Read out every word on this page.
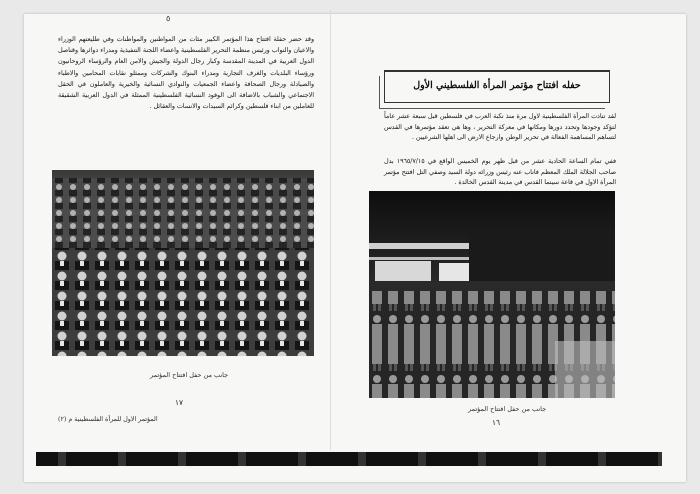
٥
وقد حضر حفلة افتتاح هذا المؤتمر الكبير مئات من المواطنين والمواطنات وفي طليعتهم الوزراء والاعيان والنواب ورئيس منظمة التحرير الفلسطينية واعضاء اللجنة التنفيذية ومدراء دوائرها وقناصل الدول العربية في المدينة المقدسة وكبار رجال الدولة والجيش والامن العام والرؤساء الروحانيون ورؤساء البلديات والغرف التجارية ومدراء البنوك والشركات وممثلو نقابات المحامين والاطباء والصيادلة ورجال الصحافة واعضاء الجمعيات والنوادي النسائية والخيرية والعاملون في الحقل الاجتماعي والشباب بالاضافة الى الوفود النسائية الفلسطينية الممثلة في الدول العربية الشقيقة للعاملين من ابناء فلسطين وكرائم السيدات والانسات والعقائل .
جانب من حفل افتتاح المؤتمر
١٧
المؤتمر الاول للمرأة الفلسطينية م (٢)
حفله افتتاح مؤتمر المرأة الفلسطيني الأول
لقد تنادت المرأة الفلسطينية لاول مرة منذ نكبة العرب في فلسطين قبل سبعة عشر عاماً لتؤكد وجودها وتحدد دورها ومكانها في معركة التحرير ، وها هي تعقد مؤتمرها في القدس لتساهم المساهمة الفعالة في تحرير الوطن وارجاع الارض الى اهلها الشرعيين .
ففي تمام الساعة الحادية عشر من قبل ظهر يوم الخميس الواقع في ١٩٦٥/٧/١٥ بدل صاحب الجلالة الملك المعظم فاناب عنه رئيس وزرائه دولة السيد وصفي التل افتتح مؤتمر المرأة الاول في قاعة سينما القدس في مدينة القدس الخالدة .
جانب من حفل افتتاح المؤتمر
١٦
